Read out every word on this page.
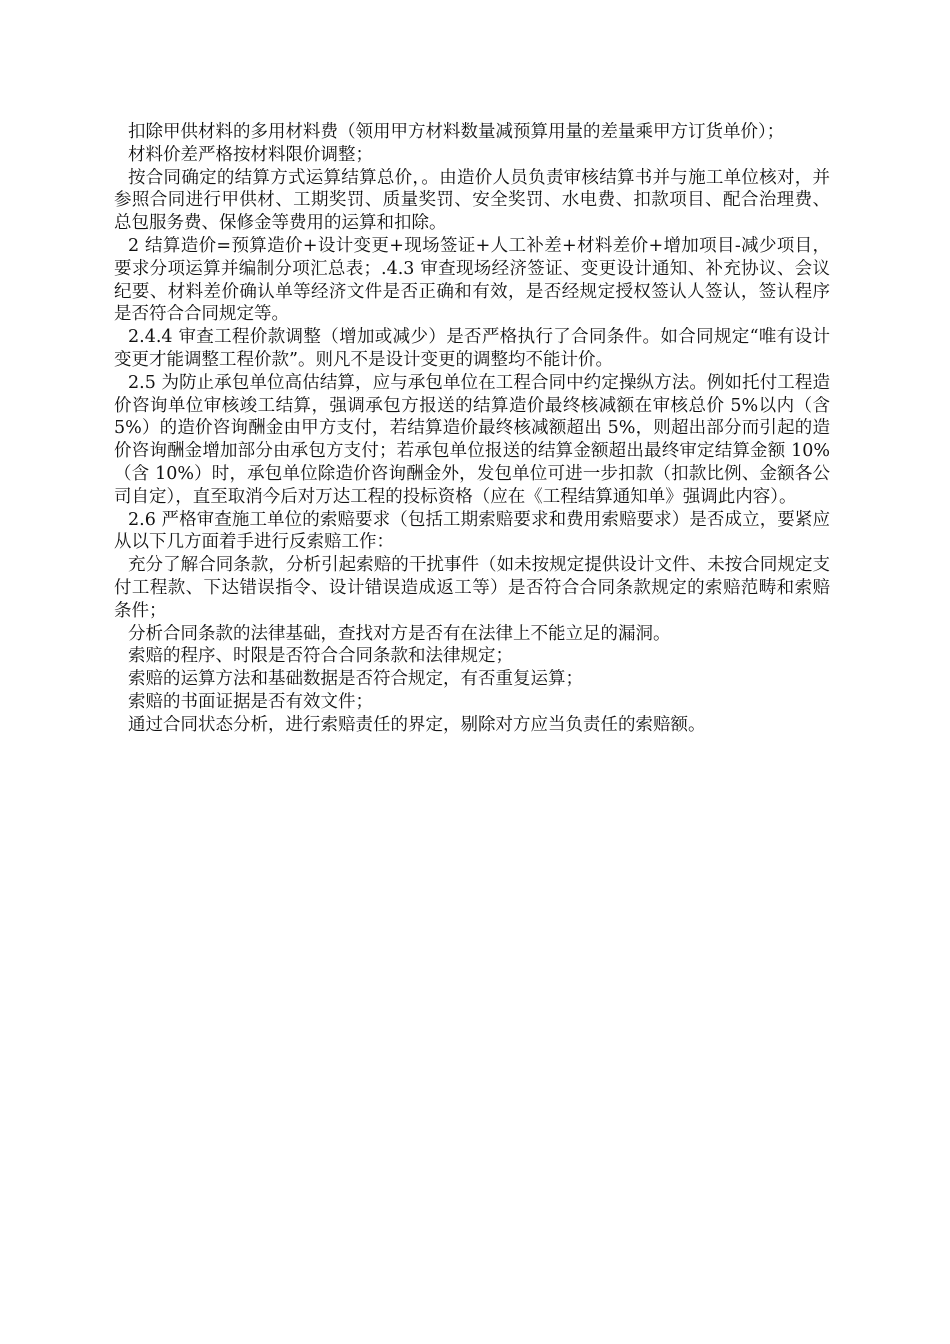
扣除甲供材料的多用材料费（领用甲方材料数量减预算用量的差量乘甲方订货单价）；

材料价差严格按材料限价调整；

按合同确定的结算方式运算结算总价，。由造价人员负责审核结算书并与施工单位核对，并参照合同进行甲供材、工期奖罚、质量奖罚、安全奖罚、水电费、扣款项目、配合治理费、总包服务费、保修金等费用的运算和扣除。

2 结算造价=预算造价+设计变更+现场签证+人工补差+材料差价+增加项目-减少项目，要求分项运算并编制分项汇总表；.4.3 审查现场经济签证、变更设计通知、补充协议、会议纪要、材料差价确认单等经济文件是否正确和有效，是否经规定授权签认人签认，签认程序是否符合合同规定等。

2.4.4 审查工程价款调整（增加或减少）是否严格执行了合同条件。如合同规定“唯有设计变更才能调整工程价款”。则凡不是设计变更的调整均不能计价。

2.5 为防止承包单位高估结算，应与承包单位在工程合同中约定操纵方法。例如托付工程造价咨询单位审核竣工结算，强调承包方报送的结算造价最终核减额在审核总价 5%以内（含 5%）的造价咨询酬金由甲方支付，若结算造价最终核减额超出 5%，则超出部分而引起的造价咨询酬金增加部分由承包方支付；若承包单位报送的结算金额超出最终审定结算金额 10%（含 10%）时，承包单位除造价咨询酬金外，发包单位可进一步扣款（扣款比例、金额各公司自定），直至取消今后对万达工程的投标资格（应在《工程结算通知单》强调此内容）。

2.6 严格审查施工单位的索赔要求（包括工期索赔要求和费用索赔要求）是否成立，要紧应从以下几方面着手进行反索赔工作：

充分了解合同条款，分析引起索赔的干扰事件（如未按规定提供设计文件、未按合同规定支付工程款、下达错误指令、设计错误造成返工等）是否符合合同条款规定的索赔范畴和索赔条件；

分析合同条款的法律基础，查找对方是否有在法律上不能立足的漏洞。

索赔的程序、时限是否符合合同条款和法律规定；

索赔的运算方法和基础数据是否符合规定，有否重复运算；

索赔的书面证据是否有效文件；

通过合同状态分析，进行索赔责任的界定，剔除对方应当负责任的索赔额。
